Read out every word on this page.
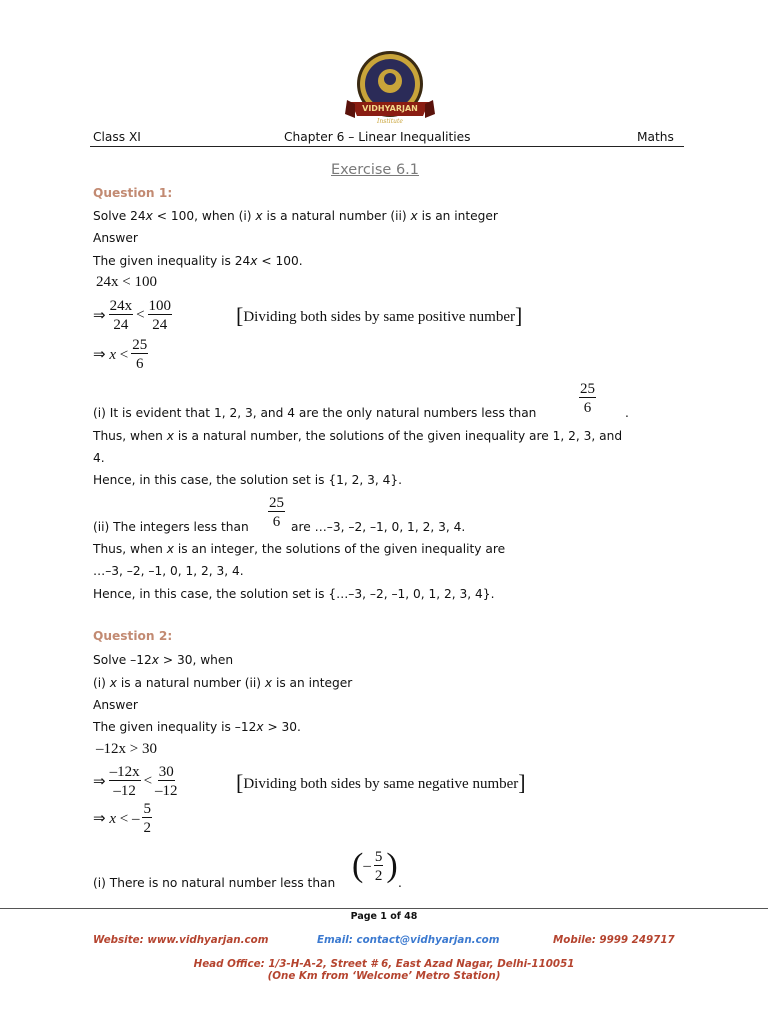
VIDHYARJAN
Institute
Class XI	Chapter 6 – Linear Inequalities	Maths
Exercise 6.1
Question 1:
Solve 24x < 100, when (i) x is a natural number (ii) x is an integer
Answer
The given inequality is 24x < 100.
24x < 100
⇒ $\frac{24x}{24} < \frac{100}{24}$	[Dividing both sides by same positive number]
⇒ $x < \frac{25}{6}$
(i) It is evident that 1, 2, 3, and 4 are the only natural numbers less than	$\frac{25}{6}$ .
Thus, when x is a natural number, the solutions of the given inequality are 1, 2, 3, and
4.
Hence, in this case, the solution set is {1, 2, 3, 4}.
(ii) The integers less than $\frac{25}{6}$ are …–3, –2, –1, 0, 1, 2, 3, 4.
Thus, when x is an integer, the solutions of the given inequality are
…–3, –2, –1, 0, 1, 2, 3, 4.
Hence, in this case, the solution set is {…–3, –2, –1, 0, 1, 2, 3, 4}.
Question 2:
Solve –12x > 30, when
(i) x is a natural number (ii) x is an integer
Answer
The given inequality is –12x > 30.
–12x > 30
⇒ $\frac{-12x}{-12} < \frac{30}{-12}$	[Dividing both sides by same negative number]
⇒ x < – $\frac{5}{2}$
(i) There is no natural number less than ( – $\frac{5}{2}$ ) .
Page 1 of 48
Website: www.vidhyarjan.com	Email: contact@vidhyarjan.com	Mobile: 9999 249717
Head Office: 1/3-H-A-2, Street # 6, East Azad Nagar, Delhi-110051
(One Km from ‘Welcome’ Metro Station)
